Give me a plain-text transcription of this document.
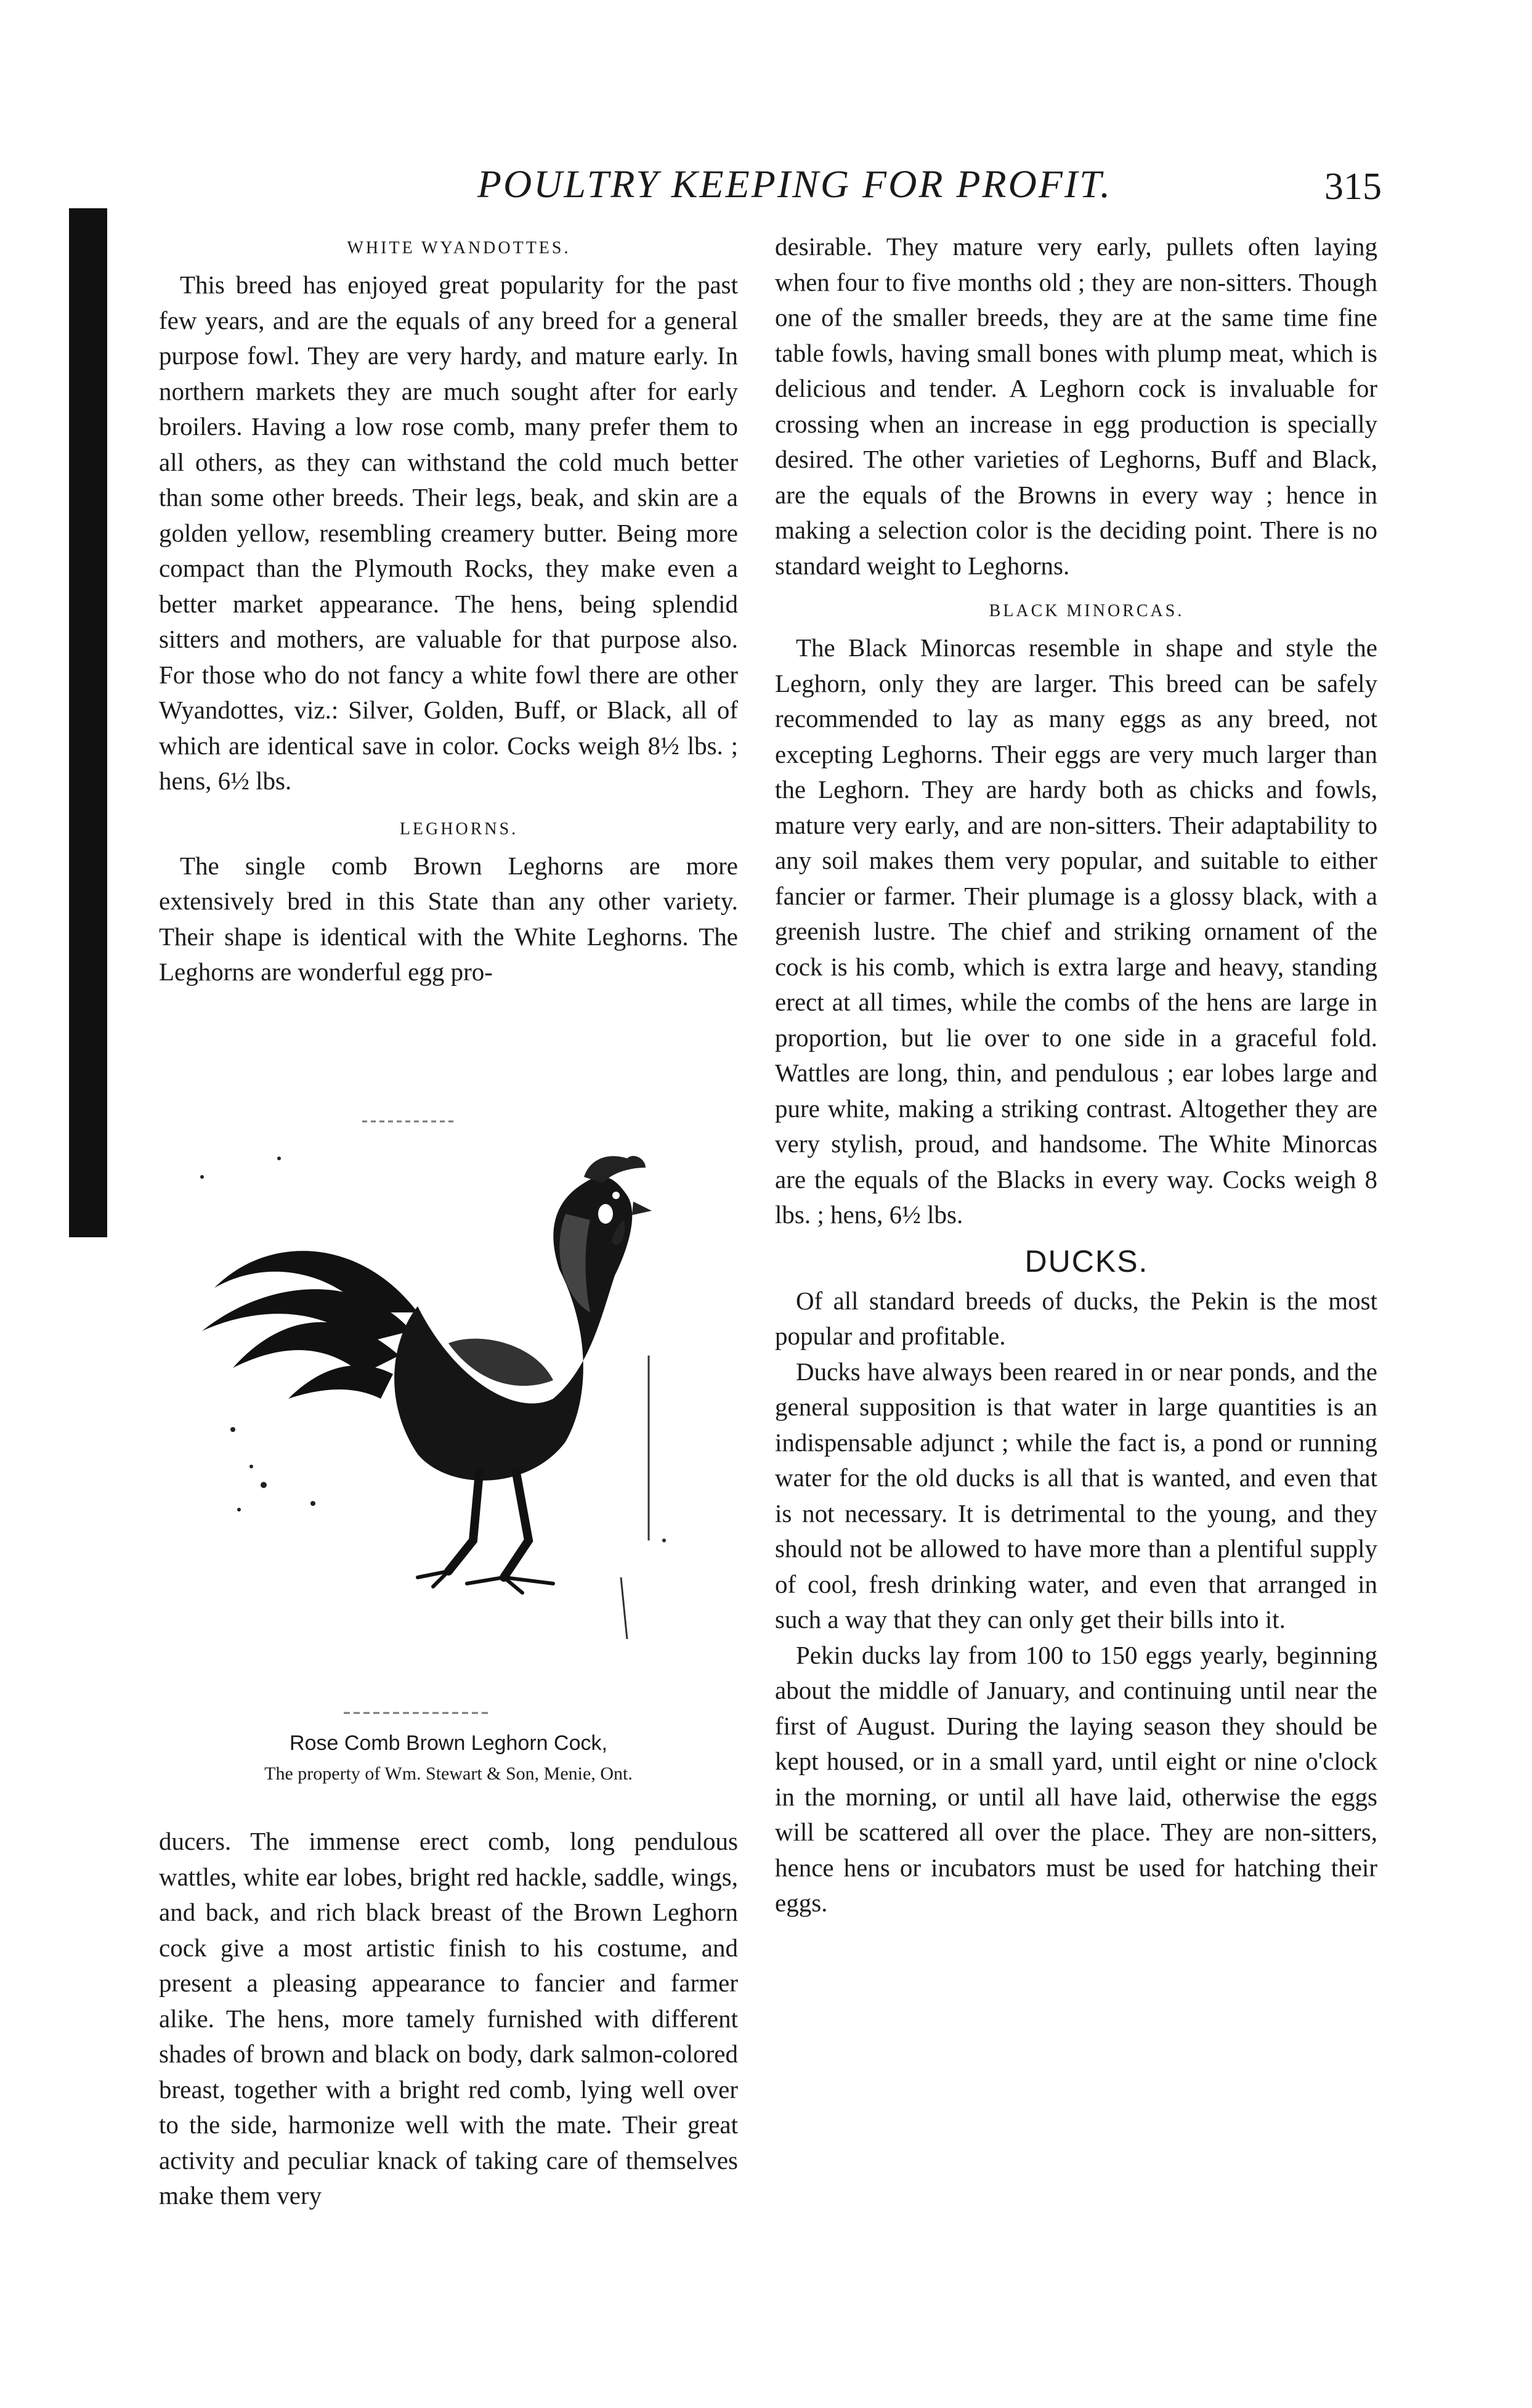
POULTRY KEEPING FOR PROFIT.	315

WHITE WYANDOTTES.

This breed has enjoyed great popularity for the past few years, and are the equals of any breed for a general purpose fowl. They are very hardy, and mature early. In northern markets they are much sought after for early broilers. Having a low rose comb, many prefer them to all others, as they can withstand the cold much better than some other breeds. Their legs, beak, and skin are a golden yellow, resembling creamery butter. Being more compact than the Plymouth Rocks, they make even a better market appearance. The hens, being splendid sitters and mothers, are valuable for that purpose also. For those who do not fancy a white fowl there are other Wyandottes, viz.: Silver, Golden, Buff, or Black, all of which are identical save in color. Cocks weigh 8½ lbs. ; hens, 6½ lbs.

LEGHORNS.

The single comb Brown Leghorns are more extensively bred in this State than any other variety. Their shape is identical with the White Leghorns. The Leghorns are wonderful egg pro-

Rose Comb Brown Leghorn Cock,
The property of Wm. Stewart & Son, Menie, Ont.

ducers. The immense erect comb, long pendulous wattles, white ear lobes, bright red hackle, saddle, wings, and back, and rich black breast of the Brown Leghorn cock give a most artistic finish to his costume, and present a pleasing appearance to fancier and farmer alike. The hens, more tamely furnished with different shades of brown and black on body, dark salmon-colored breast, together with a bright red comb, lying well over to the side, harmonize well with the mate. Their great activity and peculiar knack of taking care of themselves make them very

desirable. They mature very early, pullets often laying when four to five months old ; they are non-sitters. Though one of the smaller breeds, they are at the same time fine table fowls, having small bones with plump meat, which is delicious and tender. A Leghorn cock is invaluable for crossing when an increase in egg production is specially desired. The other varieties of Leghorns, Buff and Black, are the equals of the Browns in every way ; hence in making a selection color is the deciding point. There is no standard weight to Leghorns.

BLACK MINORCAS.

The Black Minorcas resemble in shape and style the Leghorn, only they are larger. This breed can be safely recommended to lay as many eggs as any breed, not excepting Leghorns. Their eggs are very much larger than the Leghorn. They are hardy both as chicks and fowls, mature very early, and are non-sitters. Their adaptability to any soil makes them very popular, and suitable to either fancier or farmer. Their plumage is a glossy black, with a greenish lustre. The chief and striking ornament of the cock is his comb, which is extra large and heavy, standing erect at all times, while the combs of the hens are large in proportion, but lie over to one side in a graceful fold. Wattles are long, thin, and pendulous ; ear lobes large and pure white, making a striking contrast. Altogether they are very stylish, proud, and handsome. The White Minorcas are the equals of the Blacks in every way. Cocks weigh 8 lbs. ; hens, 6½ lbs.

DUCKS.

Of all standard breeds of ducks, the Pekin is the most popular and profitable.

Ducks have always been reared in or near ponds, and the general supposition is that water in large quantities is an indispensable adjunct ; while the fact is, a pond or running water for the old ducks is all that is wanted, and even that is not necessary. It is detrimental to the young, and they should not be allowed to have more than a plentiful supply of cool, fresh drinking water, and even that arranged in such a way that they can only get their bills into it.

Pekin ducks lay from 100 to 150 eggs yearly, beginning about the middle of January, and continuing until near the first of August. During the laying season they should be kept housed, or in a small yard, until eight or nine o'clock in the morning, or until all have laid, otherwise the eggs will be scattered all over the place. They are non-sitters, hence hens or incubators must be used for hatching their eggs.
